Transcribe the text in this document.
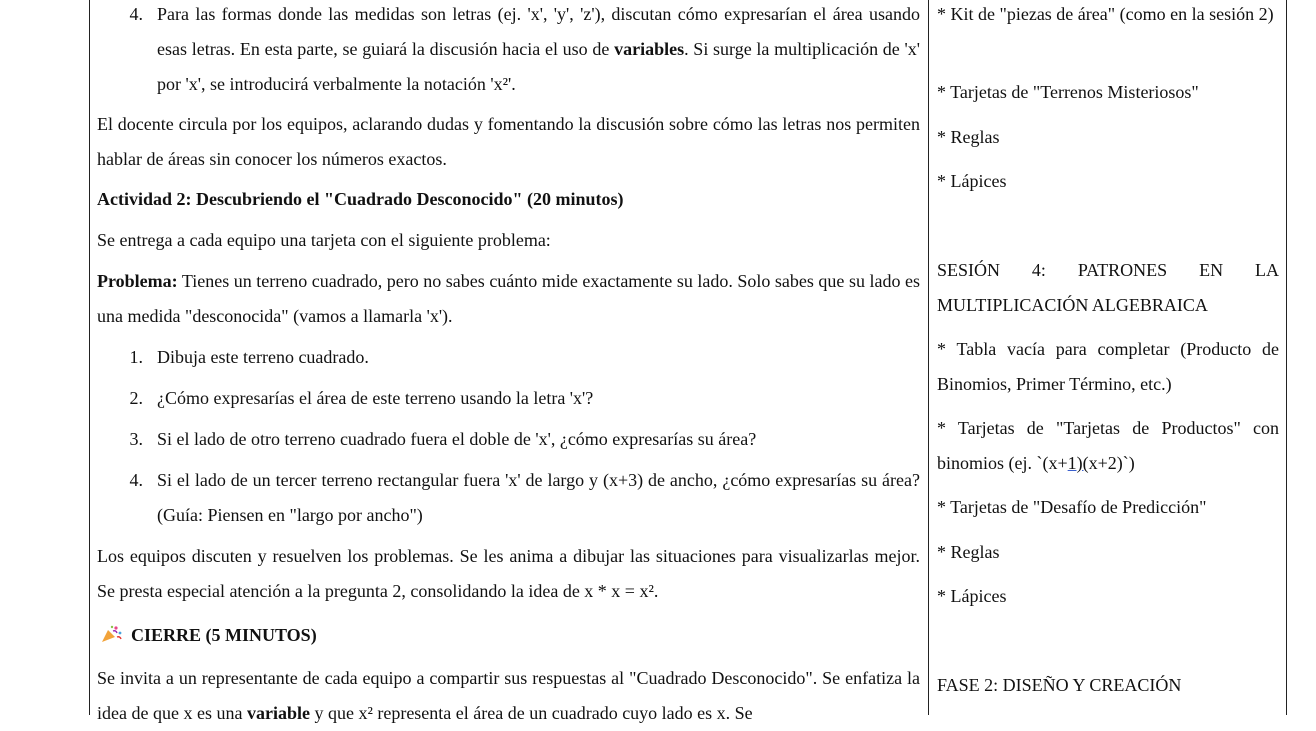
4. Para las formas donde las medidas son letras (ej. 'x', 'y', 'z'), discutan cómo expresarían el área usando esas letras. En esta parte, se guiará la discusión hacia el uso de variables. Si surge la multiplicación de 'x' por 'x', se introducirá verbalmente la notación 'x²'.
El docente circula por los equipos, aclarando dudas y fomentando la discusión sobre cómo las letras nos permiten hablar de áreas sin conocer los números exactos.
Actividad 2: Descubriendo el "Cuadrado Desconocido" (20 minutos)
Se entrega a cada equipo una tarjeta con el siguiente problema:
Problema: Tienes un terreno cuadrado, pero no sabes cuánto mide exactamente su lado. Solo sabes que su lado es una medida "desconocida" (vamos a llamarla 'x').
1. Dibuja este terreno cuadrado.
2. ¿Cómo expresarías el área de este terreno usando la letra 'x'?
3. Si el lado de otro terreno cuadrado fuera el doble de 'x', ¿cómo expresarías su área?
4. Si el lado de un tercer terreno rectangular fuera 'x' de largo y (x+3) de ancho, ¿cómo expresarías su área? (Guía: Piensen en "largo por ancho")
Los equipos discuten y resuelven los problemas. Se les anima a dibujar las situaciones para visualizarlas mejor. Se presta especial atención a la pregunta 2, consolidando la idea de x * x = x².
CIERRE (5 MINUTOS)
Se invita a un representante de cada equipo a compartir sus respuestas al "Cuadrado Desconocido". Se enfatiza la idea de que x es una variable y que x² representa el área de un cuadrado cuyo lado es x. Se
* Kit de "piezas de área" (como en la sesión 2)
* Tarjetas de "Terrenos Misteriosos"
* Reglas
* Lápices
SESIÓN 4: PATRONES EN LA MULTIPLICACIÓN ALGEBRAICA
* Tabla vacía para completar (Producto de Binomios, Primer Término, etc.)
* Tarjetas de "Tarjetas de Productos" con binomios (ej. `(x+1)(x+2)`)
* Tarjetas de "Desafío de Predicción"
* Reglas
* Lápices
FASE 2: DISEÑO Y CREACIÓN
